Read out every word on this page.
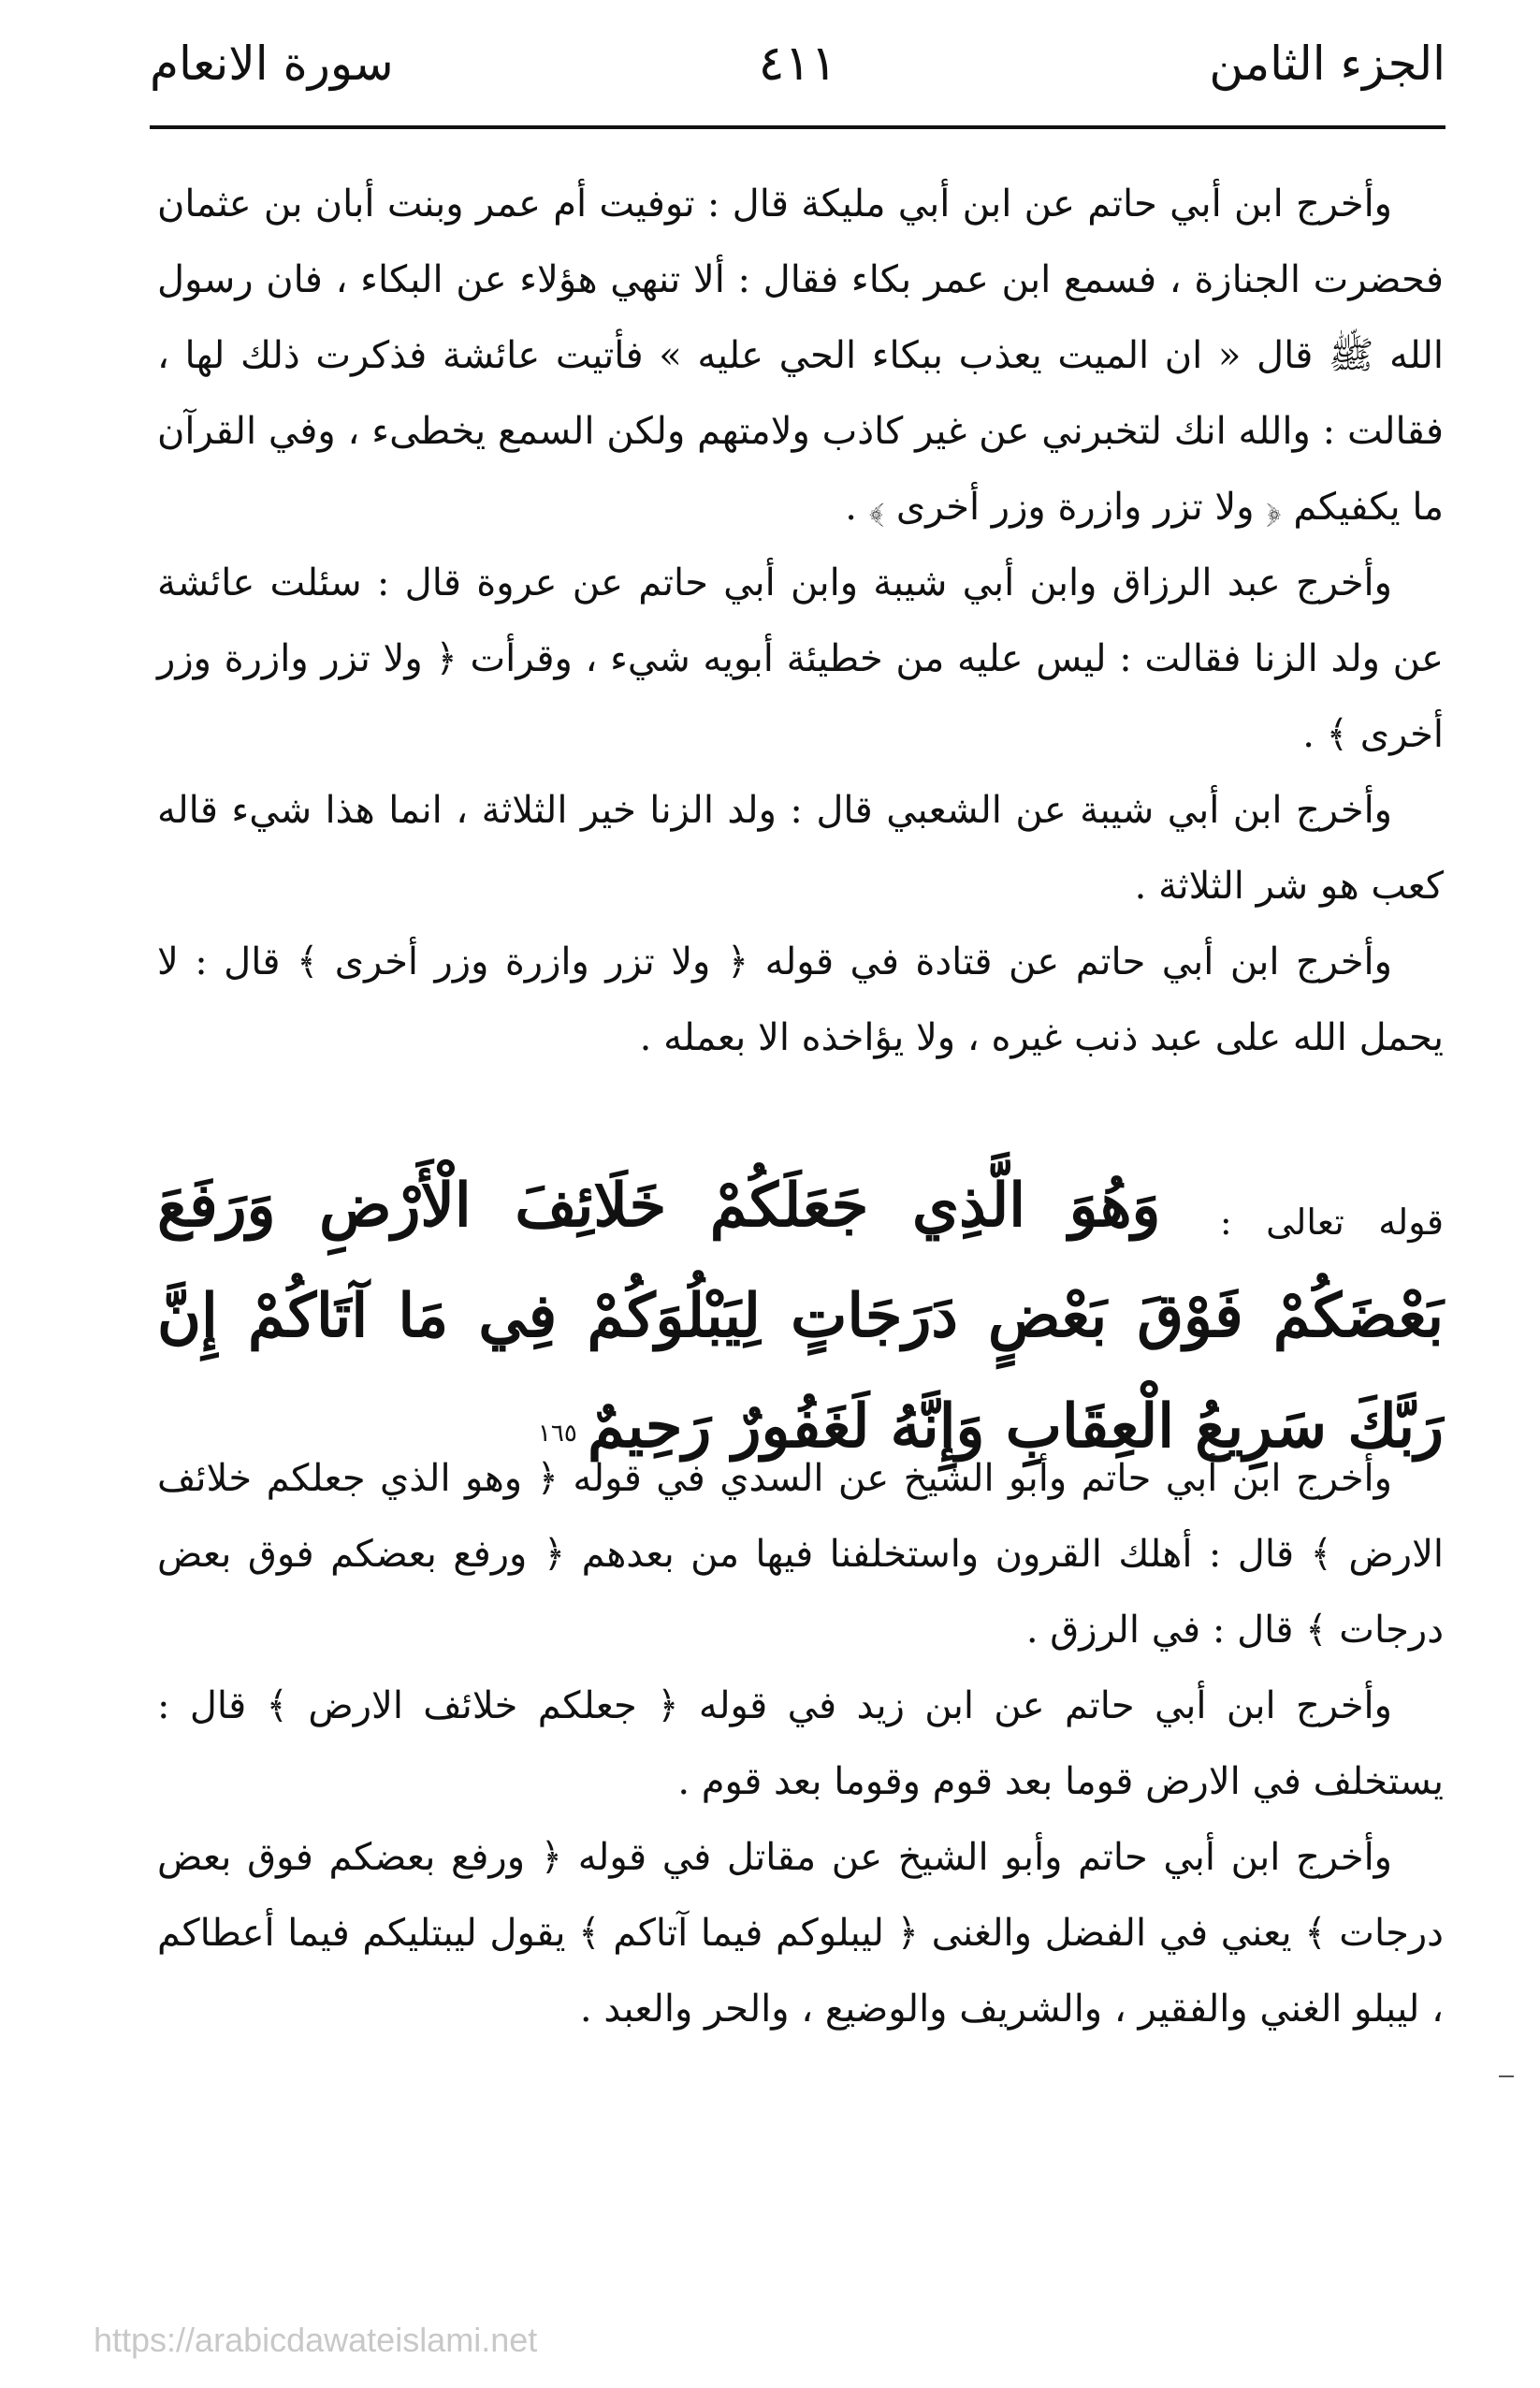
الجزء الثامن
٤١١
سورة الانعام

وأخرج ابن أبي حاتم عن ابن أبي مليكة قال : توفيت أم عمر وبنت أبان بن عثمان فحضرت الجنازة ، فسمع ابن عمر بكاء فقال : ألا تنهي هؤلاء عن البكاء ، فان رسول الله ﷺ قال « ان الميت يعذب ببكاء الحي عليه » فأتيت عائشة فذكرت ذلك لها ، فقالت : والله انك لتخبرني عن غير كاذب ولامتهم ولكن السمع يخطىء ، وفي القرآن ما يكفيكم ﴿ ولا تزر وازرة وزر أخرى ﴾ .

وأخرج عبد الرزاق وابن أبي شيبة وابن أبي حاتم عن عروة قال : سئلت عائشة عن ولد الزنا فقالت : ليس عليه من خطيئة أبويه شيء ، وقرأت ﴿ ولا تزر وازرة وزر أخرى ﴾ .

وأخرج ابن أبي شيبة عن الشعبي قال : ولد الزنا خير الثلاثة ، انما هذا شيء قاله كعب هو شر الثلاثة .

وأخرج ابن أبي حاتم عن قتادة في قوله ﴿ ولا تزر وازرة وزر أخرى ﴾ قال : لا يحمل الله على عبد ذنب غيره ، ولا يؤاخذه الا بعمله .

قوله تعالى : وَهُوَ الَّذِي جَعَلَكُمْ خَلَائِفَ الْأَرْضِ وَرَفَعَ بَعْضَكُمْ فَوْقَ بَعْضٍ دَرَجَاتٍ لِيَبْلُوَكُمْ فِي مَا آتَاكُمْ إِنَّ رَبَّكَ سَرِيعُ الْعِقَابِ وَإِنَّهُ لَغَفُورٌ رَحِيمٌ ١٦٥

وأخرج ابن أبي حاتم وأبو الشيخ عن السدي في قوله ﴿ وهو الذي جعلكم خلائف الارض ﴾ قال : أهلك القرون واستخلفنا فيها من بعدهم ﴿ ورفع بعضكم فوق بعض درجات ﴾ قال : في الرزق .

وأخرج ابن أبي حاتم عن ابن زيد في قوله ﴿ جعلكم خلائف الارض ﴾ قال : يستخلف في الارض قوما بعد قوم وقوما بعد قوم .

وأخرج ابن أبي حاتم وأبو الشيخ عن مقاتل في قوله ﴿ ورفع بعضكم فوق بعض درجات ﴾ يعني في الفضل والغنى ﴿ ليبلوكم فيما آتاكم ﴾ يقول ليبتليكم فيما أعطاكم ، ليبلو الغني والفقير ، والشريف والوضيع ، والحر والعبد .

https://arabicdawateislami.net
